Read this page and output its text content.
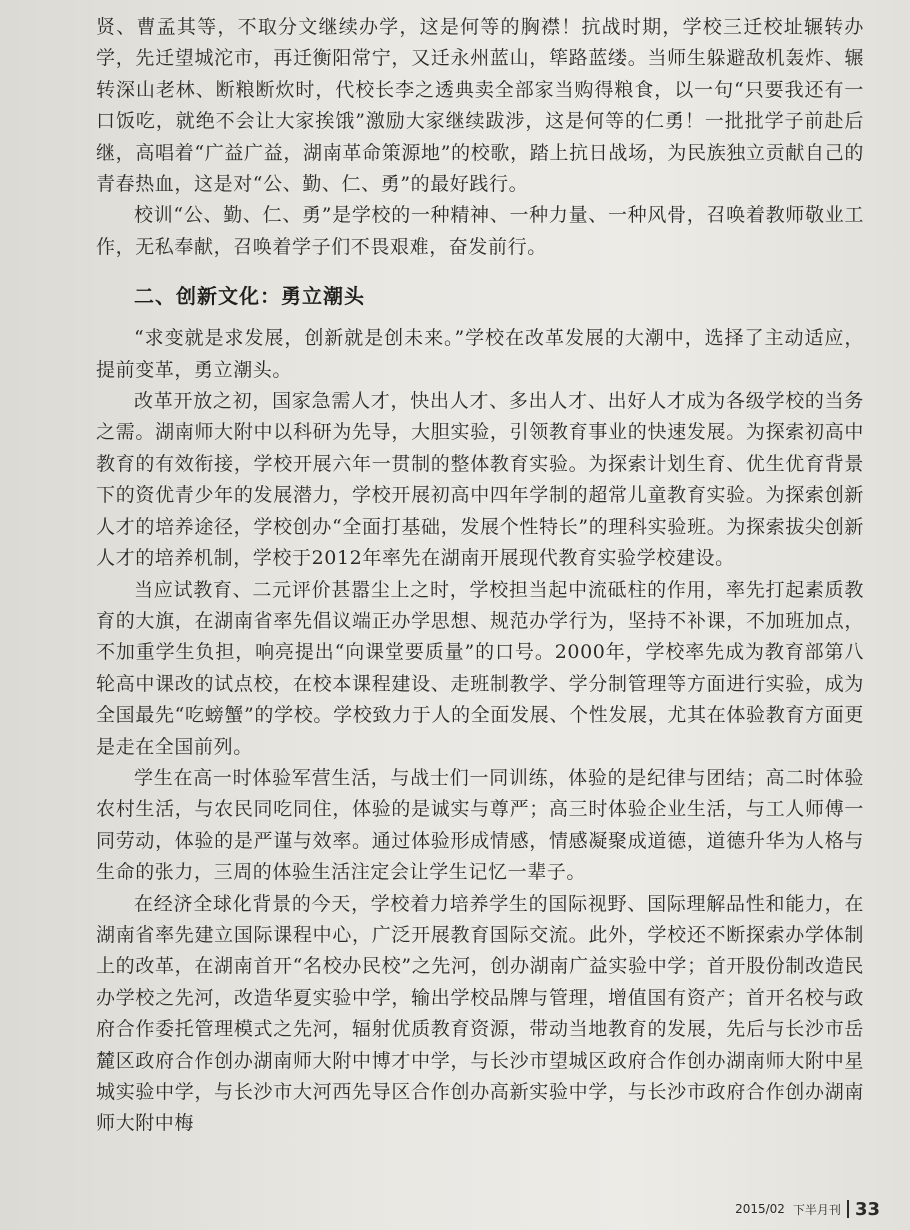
贤、曹孟其等，不取分文继续办学，这是何等的胸襟！抗战时期，学校三迁校址辗转办学，先迁望城沱市，再迁衡阳常宁，又迁永州蓝山，筚路蓝缕。当师生躲避敌机轰炸、辗转深山老林、断粮断炊时，代校长李之透典卖全部家当购得粮食，以一句“只要我还有一口饭吃，就绝不会让大家挨饿”激励大家继续跋涉，这是何等的仁勇！一批批学子前赴后继，高唱着“广益广益，湖南革命策源地”的校歌，踏上抗日战场，为民族独立贡献自己的青春热血，这是对“公、勤、仁、勇”的最好践行。

校训“公、勤、仁、勇”是学校的一种精神、一种力量、一种风骨，召唤着教师敬业工作，无私奉献，召唤着学子们不畏艰难，奋发前行。

二、创新文化：勇立潮头

“求变就是求发展，创新就是创未来。”学校在改革发展的大潮中，选择了主动适应，提前变革，勇立潮头。

改革开放之初，国家急需人才，快出人才、多出人才、出好人才成为各级学校的当务之需。湖南师大附中以科研为先导，大胆实验，引领教育事业的快速发展。为探索初高中教育的有效衔接，学校开展六年一贯制的整体教育实验。为探索计划生育、优生优育背景下的资优青少年的发展潜力，学校开展初高中四年学制的超常儿童教育实验。为探索创新人才的培养途径，学校创办“全面打基础，发展个性特长”的理科实验班。为探索拔尖创新人才的培养机制，学校于2012年率先在湖南开展现代教育实验学校建设。

当应试教育、二元评价甚嚣尘上之时，学校担当起中流砥柱的作用，率先打起素质教育的大旗，在湖南省率先倡议端正办学思想、规范办学行为，坚持不补课，不加班加点，不加重学生负担，响亮提出“向课堂要质量”的口号。2000年，学校率先成为教育部第八轮高中课改的试点校，在校本课程建设、走班制教学、学分制管理等方面进行实验，成为全国最先“吃螃蟹”的学校。学校致力于人的全面发展、个性发展，尤其在体验教育方面更是走在全国前列。

学生在高一时体验军营生活，与战士们一同训练，体验的是纪律与团结；高二时体验农村生活，与农民同吃同住，体验的是诚实与尊严；高三时体验企业生活，与工人师傅一同劳动，体验的是严谨与效率。通过体验形成情感，情感凝聚成道德，道德升华为人格与生命的张力，三周的体验生活注定会让学生记忆一辈子。

在经济全球化背景的今天，学校着力培养学生的国际视野、国际理解品性和能力，在湖南省率先建立国际课程中心，广泛开展教育国际交流。此外，学校还不断探索办学体制上的改革，在湖南首开“名校办民校”之先河，创办湖南广益实验中学；首开股份制改造民办学校之先河，改造华夏实验中学，输出学校品牌与管理，增值国有资产；首开名校与政府合作委托管理模式之先河，辐射优质教育资源，带动当地教育的发展，先后与长沙市岳麓区政府合作创办湖南师大附中博才中学，与长沙市望城区政府合作创办湖南师大附中星城实验中学，与长沙市大河西先导区合作创办高新实验中学，与长沙市政府合作创办湖南师大附中梅

2015/02 下半月刊 33
